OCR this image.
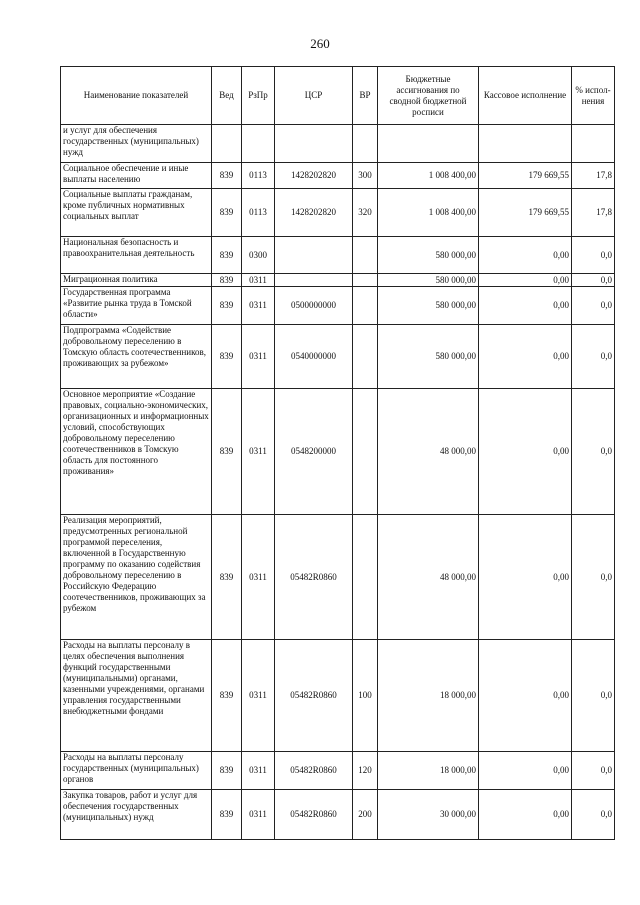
260
Наименование показателей	Вед	РзПр	ЦСР	ВР	Бюджетные ассигнования по сводной бюджетной росписи	Кассовое исполнение	% испол-нения
и услуг для обеспечения государственных (муниципальных) нужд							
Социальное обеспечение и иные выплаты населению	839	0113	1428202820	300	1 008 400,00	179 669,55	17,8
Социальные выплаты гражданам, кроме публичных нормативных социальных выплат	839	0113	1428202820	320	1 008 400,00	179 669,55	17,8
Национальная безопасность и правоохранительная деятельность	839	0300			580 000,00	0,00	0,0
Миграционная политика	839	0311			580 000,00	0,00	0,0
Государственная программа «Развитие рынка труда в Томской области»	839	0311	0500000000		580 000,00	0,00	0,0
Подпрограмма «Содействие добровольному переселению в Томскую область соотечественников, проживающих за рубежом»	839	0311	0540000000		580 000,00	0,00	0,0
Основное мероприятие «Создание правовых, социально-экономических, организационных и информационных условий, способствующих добровольному переселению соотечественников в Томскую область для постоянного проживания»	839	0311	0548200000		48 000,00	0,00	0,0
Реализация мероприятий, предусмотренных региональной программой переселения, включенной в Государственную программу по оказанию содействия добровольному переселению в Российскую Федерацию соотечественников, проживающих за рубежом	839	0311	05482R0860		48 000,00	0,00	0,0
Расходы на выплаты персоналу в целях обеспечения выполнения функций государственными (муниципальными) органами, казенными учреждениями, органами управления государственными внебюджетными фондами	839	0311	05482R0860	100	18 000,00	0,00	0,0
Расходы на выплаты персоналу государственных (муниципальных) органов	839	0311	05482R0860	120	18 000,00	0,00	0,0
Закупка товаров, работ и услуг для обеспечения государственных (муниципальных) нужд	839	0311	05482R0860	200	30 000,00	0,00	0,0
